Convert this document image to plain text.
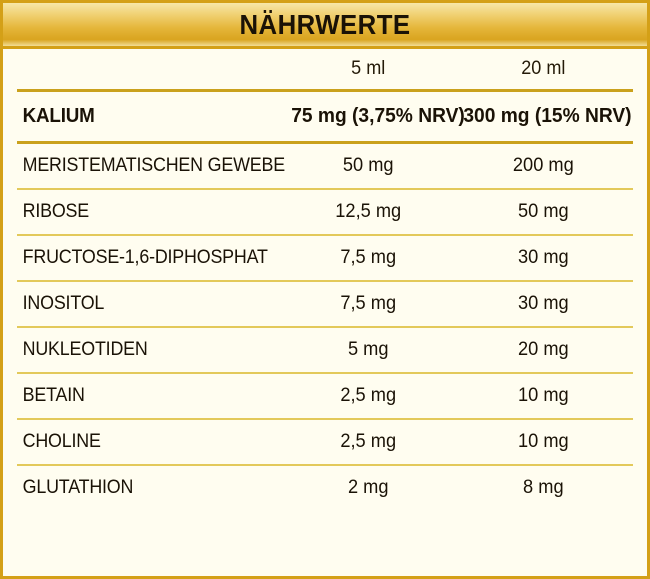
NÄHRWERTE
	5 ml	20 ml
KALIUM	75 mg (3,75% NRV)	300 mg (15% NRV)
MERISTEMATISCHEN GEWEBE	50 mg	200 mg
RIBOSE	12,5 mg	50 mg
FRUCTOSE-1,6-DIPHOSPHAT	7,5 mg	30 mg
INOSITOL	7,5 mg	30 mg
NUKLEOTIDEN	5 mg	20 mg
BETAIN	2,5 mg	10 mg
CHOLINE	2,5 mg	10 mg
GLUTATHION	2 mg	8 mg
